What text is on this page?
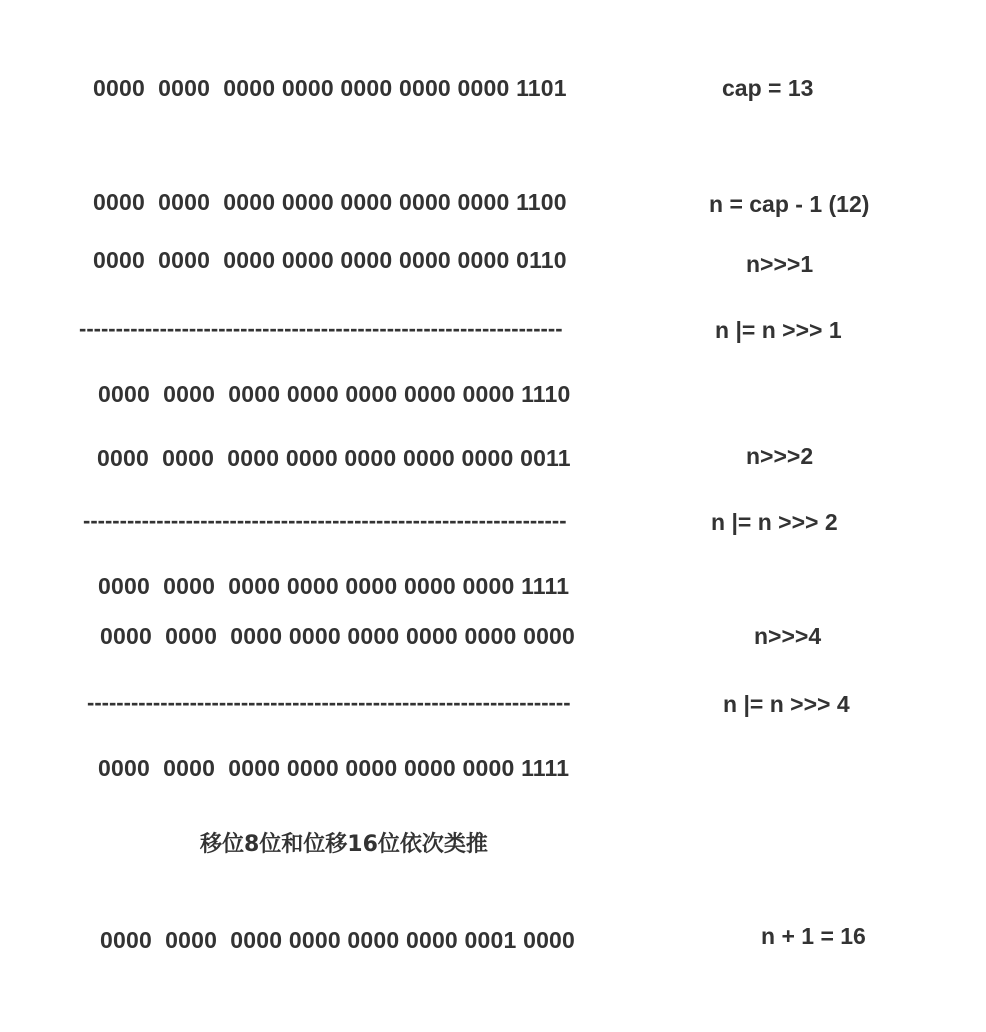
0000  0000  0000 0000 0000 0000 0000 1101	cap = 13
0000  0000  0000 0000 0000 0000 0000 1100	n = cap - 1 (12)
0000  0000  0000 0000 0000 0000 0000 0110	n>>>1
------------------------------------------------------------------	n |= n >>> 1
0000  0000  0000 0000 0000 0000 0000 1110
0000  0000  0000 0000 0000 0000 0000 0011	n>>>2
------------------------------------------------------------------	n |= n >>> 2
0000  0000  0000 0000 0000 0000 0000 1111
0000  0000  0000 0000 0000 0000 0000 0000	n>>>4
------------------------------------------------------------------	n |= n >>> 4
0000  0000  0000 0000 0000 0000 0000 1111
移位8位和位移16位依次类推
0000  0000  0000 0000 0000 0000 0001 0000	n + 1 = 16
